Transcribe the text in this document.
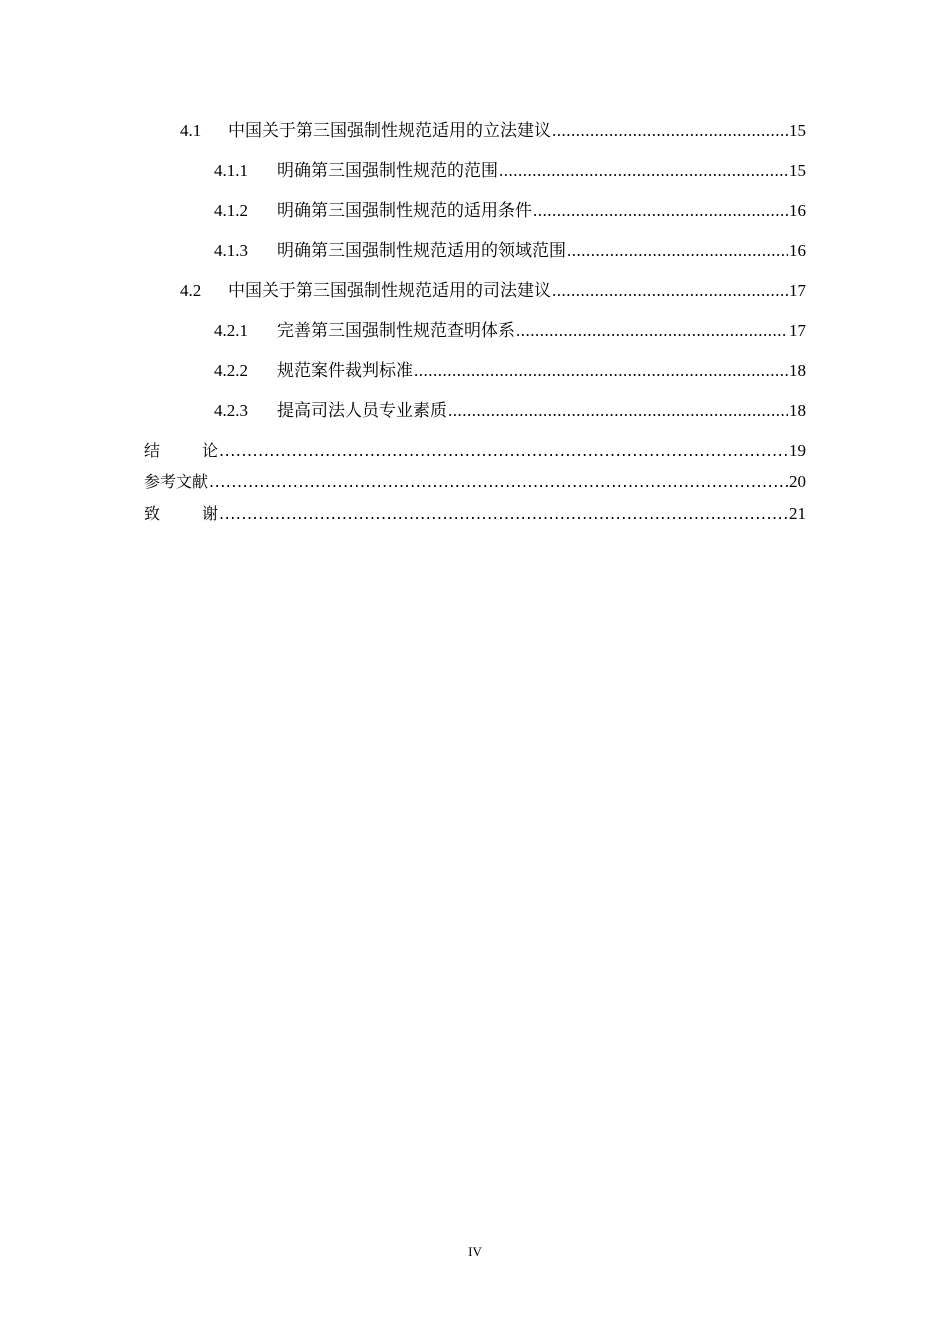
4.1	中国关于第三国强制性规范适用的立法建议 .....	15
4.1.1	明确第三国强制性规范的范围 .....	15
4.1.2	明确第三国强制性规范的适用条件 .....	16
4.1.3	明确第三国强制性规范适用的领域范围 .....	16
4.2	中国关于第三国强制性规范适用的司法建议 .....	17
4.2.1	完善第三国强制性规范查明体系 .....	17
4.2.2	规范案件裁判标准 .....	18
4.2.3	提高司法人员专业素质 .....	18
结论 .....	19
参考文献 .....	20
致谢 .....	21
IV
